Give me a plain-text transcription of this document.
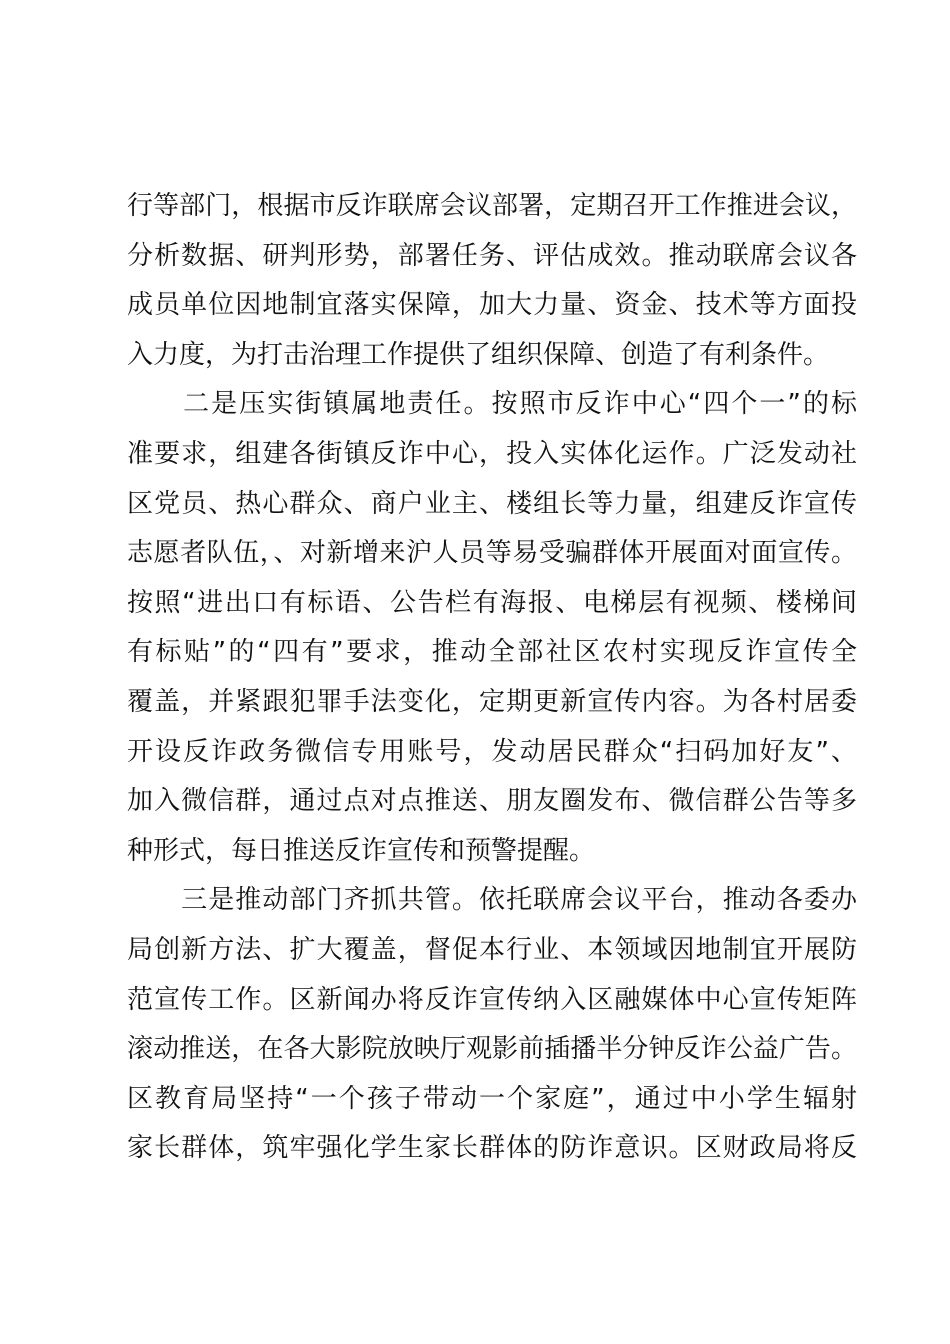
行等部门，根据市反诈联席会议部署，定期召开工作推进会议，

分析数据、研判形势，部署任务、评估成效。推动联席会议各

成员单位因地制宜落实保障，加大力量、资金、技术等方面投

入力度，为打击治理工作提供了组织保障、创造了有利条件。

　　二是压实街镇属地责任。按照市反诈中心“四个一”的标

准要求，组建各街镇反诈中心，投入实体化运作。广泛发动社

区党员、热心群众、商户业主、楼组长等力量，组建反诈宣传

志愿者队伍，、对新增来沪人员等易受骗群体开展面对面宣传。

按照“进出口有标语、公告栏有海报、电梯层有视频、楼梯间

有标贴”的“四有”要求，推动全部社区农村实现反诈宣传全

覆盖，并紧跟犯罪手法变化，定期更新宣传内容。为各村居委

开设反诈政务微信专用账号，发动居民群众“扫码加好友”、

加入微信群，通过点对点推送、朋友圈发布、微信群公告等多

种形式，每日推送反诈宣传和预警提醒。

　　三是推动部门齐抓共管。依托联席会议平台，推动各委办

局创新方法、扩大覆盖，督促本行业、本领域因地制宜开展防

范宣传工作。区新闻办将反诈宣传纳入区融媒体中心宣传矩阵

滚动推送，在各大影院放映厅观影前插播半分钟反诈公益广告。

区教育局坚持“一个孩子带动一个家庭”，通过中小学生辐射

家长群体，筑牢强化学生家长群体的防诈意识。区财政局将反
